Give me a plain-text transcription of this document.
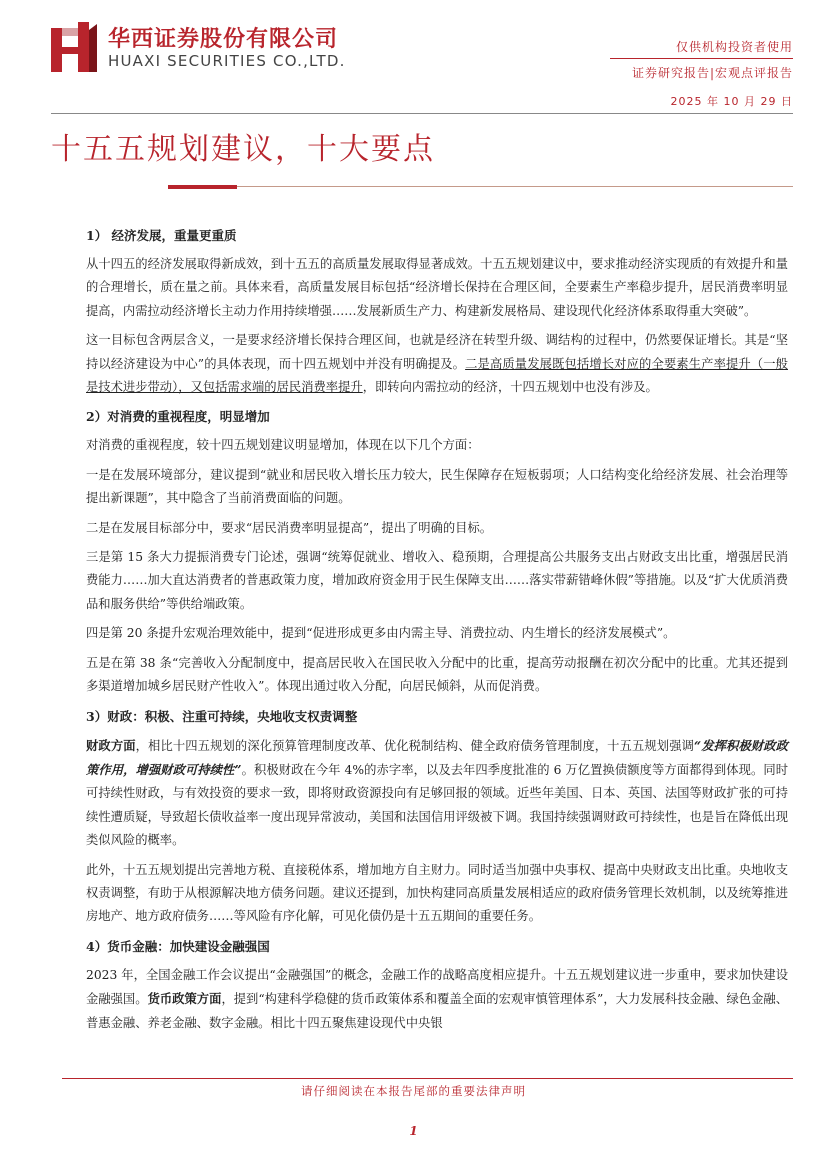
华西证券股份有限公司
HUAXI SECURITIES CO.,LTD.
仅供机构投资者使用
证券研究报告|宏观点评报告
2025 年 10 月 29 日
十五五规划建议，十大要点
1） 经济发展，重量更重质

从十四五的经济发展取得新成效，到十五五的高质量发展取得显著成效。十五五规划建议中，要求推动经济实现质的有效提升和量的合理增长，质在量之前。具体来看，高质量发展目标包括“经济增长保持在合理区间，全要素生产率稳步提升，居民消费率明显提高，内需拉动经济增长主动力作用持续增强……发展新质生产力、构建新发展格局、建设现代化经济体系取得重大突破”。

这一目标包含两层含义，一是要求经济增长保持合理区间，也就是经济在转型升级、调结构的过程中，仍然要保证增长。其是“坚持以经济建设为中心”的具体表现，而十四五规划中并没有明确提及。二是高质量发展既包括增长对应的全要素生产率提升（一般是技术进步带动），又包括需求端的居民消费率提升，即转向内需拉动的经济，十四五规划中也没有涉及。

2）对消费的重视程度，明显增加

对消费的重视程度，较十四五规划建议明显增加，体现在以下几个方面：

一是在发展环境部分，建议提到“就业和居民收入增长压力较大，民生保障存在短板弱项；人口结构变化给经济发展、社会治理等提出新课题”，其中隐含了当前消费面临的问题。

二是在发展目标部分中，要求“居民消费率明显提高”，提出了明确的目标。

三是第 15 条大力提振消费专门论述，强调“统筹促就业、增收入、稳预期，合理提高公共服务支出占财政支出比重，增强居民消费能力……加大直达消费者的普惠政策力度，增加政府资金用于民生保障支出……落实带薪错峰休假”等措施。以及“扩大优质消费品和服务供给”等供给端政策。

四是第 20 条提升宏观治理效能中，提到“促进形成更多由内需主导、消费拉动、内生增长的经济发展模式”。

五是在第 38 条“完善收入分配制度中，提高居民收入在国民收入分配中的比重，提高劳动报酬在初次分配中的比重。尤其还提到多渠道增加城乡居民财产性收入”。体现出通过收入分配，向居民倾斜，从而促消费。

3）财政：积极、注重可持续，央地收支权责调整

财政方面，相比十四五规划的深化预算管理制度改革、优化税制结构、健全政府债务管理制度，十五五规划强调“发挥积极财政政策作用，增强财政可持续性”。积极财政在今年 4%的赤字率，以及去年四季度批准的 6 万亿置换债额度等方面都得到体现。同时可持续性财政，与有效投资的要求一致，即将财政资源投向有足够回报的领域。近些年美国、日本、英国、法国等财政扩张的可持续性遭质疑，导致超长债收益率一度出现异常波动，美国和法国信用评级被下调。我国持续强调财政可持续性，也是旨在降低出现类似风险的概率。

此外，十五五规划提出完善地方税、直接税体系，增加地方自主财力。同时适当加强中央事权、提高中央财政支出比重。央地收支权责调整，有助于从根源解决地方债务问题。建议还提到，加快构建同高质量发展相适应的政府债务管理长效机制，以及统筹推进房地产、地方政府债务……等风险有序化解，可见化债仍是十五五期间的重要任务。

4）货币金融：加快建设金融强国

2023 年，全国金融工作会议提出“金融强国”的概念，金融工作的战略高度相应提升。十五五规划建议进一步重申，要求加快建设金融强国。货币政策方面，提到“构建科学稳健的货币政策体系和覆盖全面的宏观审慎管理体系”，大力发展科技金融、绿色金融、普惠金融、养老金融、数字金融。相比十四五聚焦建设现代中央银

请仔细阅读在本报告尾部的重要法律声明
1
